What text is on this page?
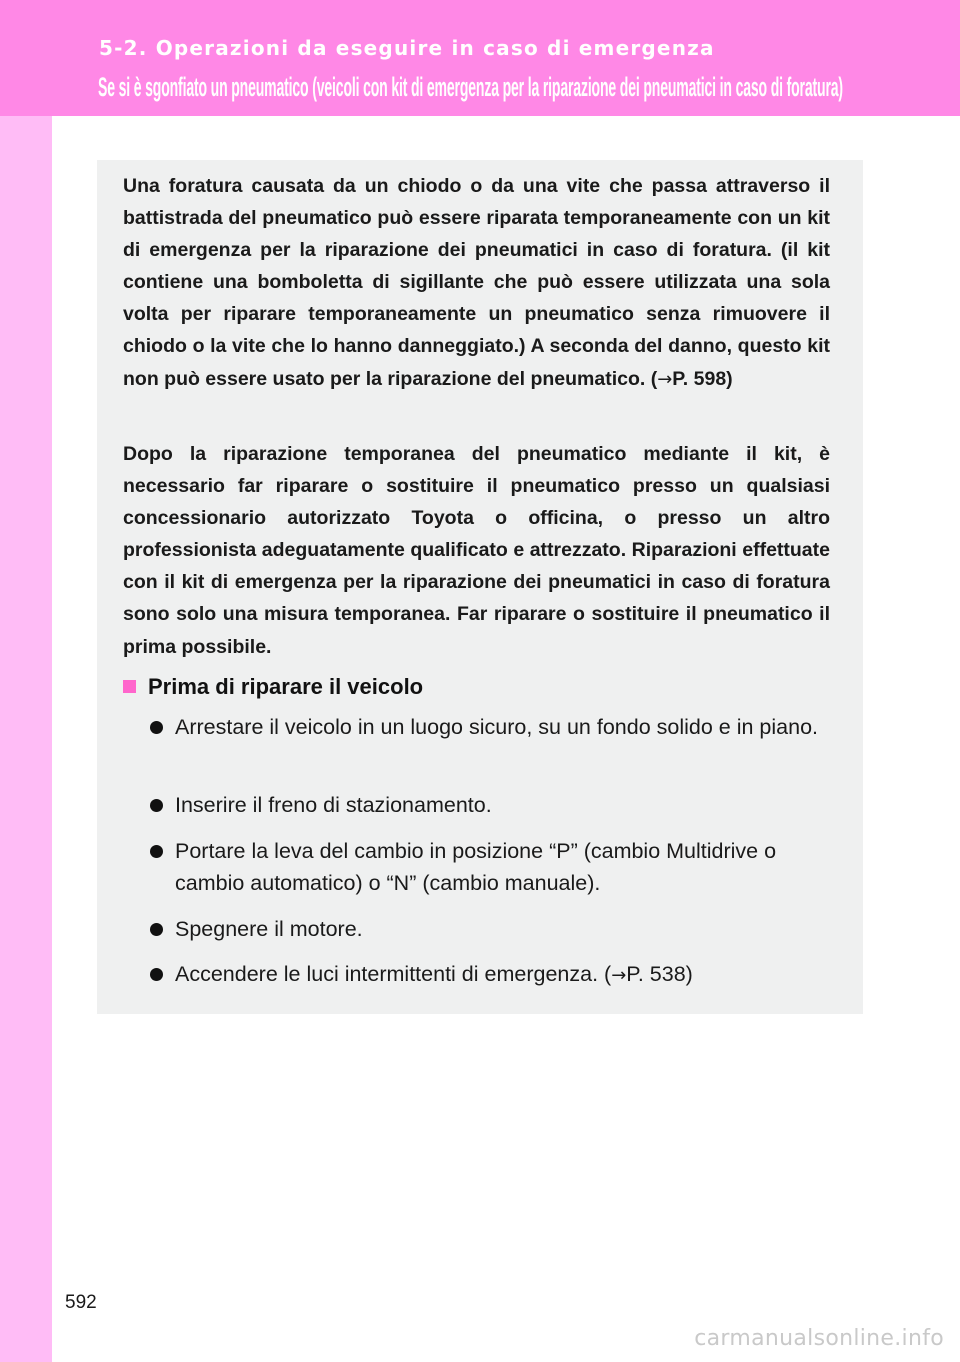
5-2. Operazioni da eseguire in caso di emergenza
Se si è sgonfiato un pneumatico (veicoli con kit di emergenza per la riparazione dei pneumatici in caso di foratura)

Una foratura causata da un chiodo o da una vite che passa attraverso il battistrada del pneumatico può essere riparata temporaneamente con un kit di emergenza per la riparazione dei pneumatici in caso di foratura. (il kit contiene una bomboletta di sigillante che può essere utilizzata una sola volta per riparare temporaneamente un pneumatico senza rimuovere il chiodo o la vite che lo hanno danneggiato.) A seconda del danno, questo kit non può essere usato per la riparazione del pneumatico. (→P. 598)

Dopo la riparazione temporanea del pneumatico mediante il kit, è necessario far riparare o sostituire il pneumatico presso un qualsiasi concessionario autorizzato Toyota o officina, o presso un altro professionista adeguatamente qualificato e attrezzato. Riparazioni effettuate con il kit di emergenza per la riparazione dei pneumatici in caso di foratura sono solo una misura temporanea. Far riparare o sostituire il pneumatico il prima possibile.

Prima di riparare il veicolo
Arrestare il veicolo in un luogo sicuro, su un fondo solido e in piano.
Inserire il freno di stazionamento.
Portare la leva del cambio in posizione “P” (cambio Multidrive o cambio automatico) o “N” (cambio manuale).
Spegnere il motore.
Accendere le luci intermittenti di emergenza. (→P. 538)
592
carmanualsonline.info
